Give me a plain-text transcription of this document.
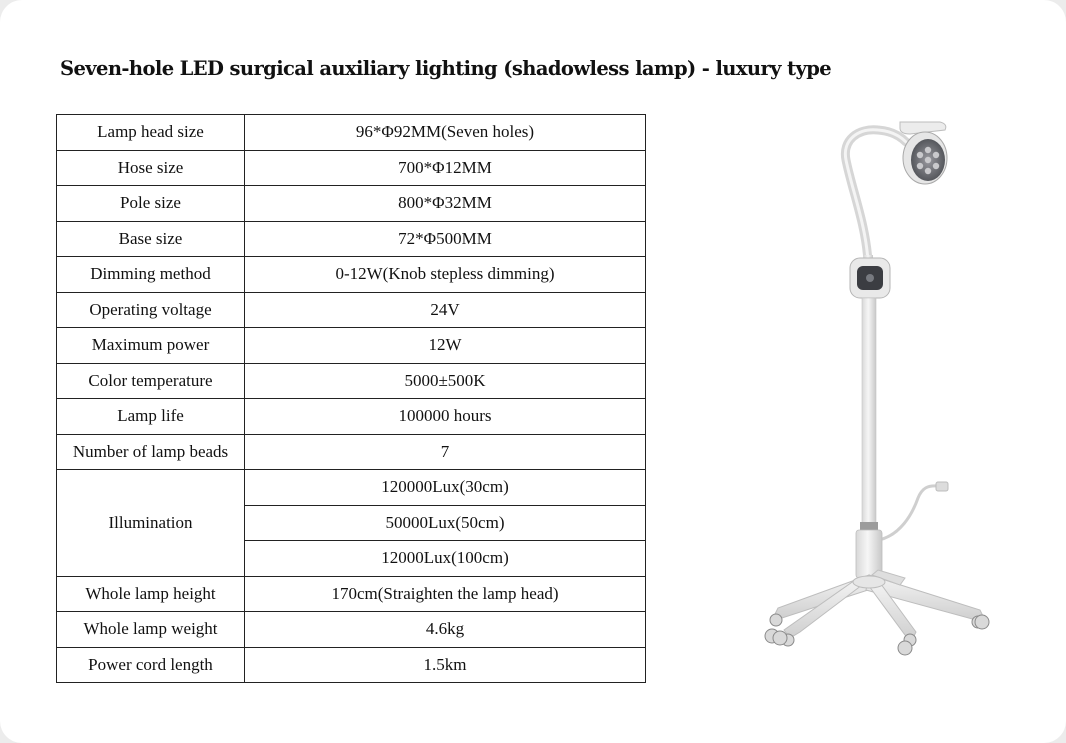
Seven-hole LED surgical auxiliary lighting (shadowless lamp) - luxury type
Lamp head size	96*Φ92MM(Seven holes)
Hose size	700*Φ12MM
Pole size	800*Φ32MM
Base size	72*Φ500MM
Dimming method	0-12W(Knob stepless dimming)
Operating voltage	24V
Maximum power	12W
Color temperature	5000±500K
Lamp life	100000 hours
Number of lamp beads	7
Illumination	120000Lux(30cm)
	50000Lux(50cm)
	12000Lux(100cm)
Whole lamp height	170cm(Straighten the lamp head)
Whole lamp weight	4.6kg
Power cord length	1.5km
